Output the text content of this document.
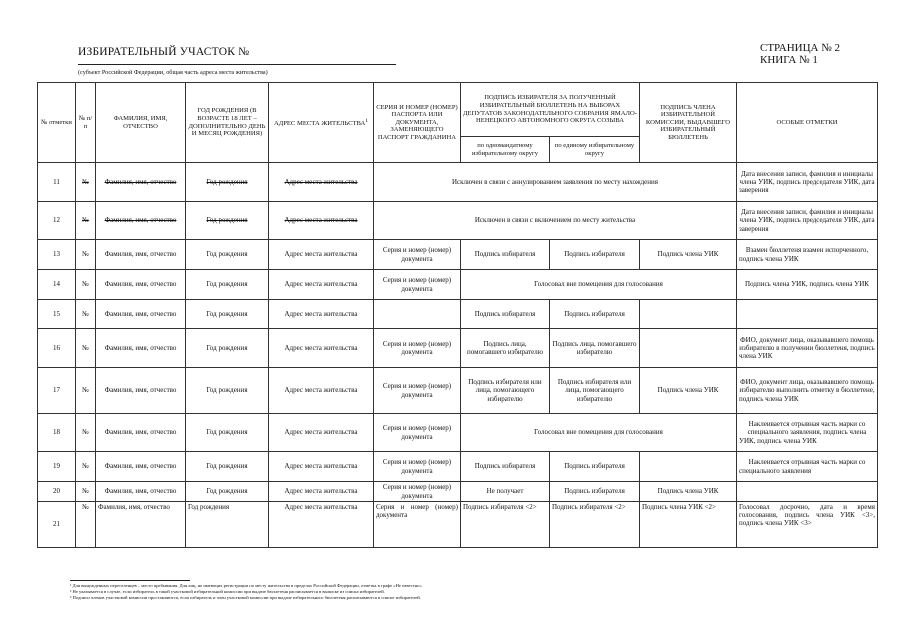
ИЗБИРАТЕЛЬНЫЙ УЧАСТОК №
(субъект Российской Федерации, общая часть адреса места жительства)
СТРАНИЦА № 2
КНИГА № 1
№ отметки	№ п/п	ФАМИЛИЯ, ИМЯ, ОТЧЕСТВО	ГОД РОЖДЕНИЯ (В ВОЗРАСТЕ 18 ЛЕТ – ДОПОЛНИТЕЛЬНО ДЕНЬ И МЕСЯЦ РОЖДЕНИЯ)	АДРЕС МЕСТА ЖИТЕЛЬСТВА$^1$	СЕРИЯ И НОМЕР (НОМЕР) ПАСПОРТА ИЛИ ДОКУМЕНТА, ЗАМЕНЯЮЩЕГО ПАСПОРТ ГРАЖДАНИНА	ПОДПИСЬ ИЗБИРАТЕЛЯ ЗА ПОЛУЧЕННЫЙ ИЗБИРАТЕЛЬНЫЙ БЮЛЛЕТЕНЬ НА ВЫБОРАХ ДЕПУТАТОВ ЗАКОНОДАТЕЛЬНОГО СОБРАНИЯ ЯМАЛО-НЕНЕЦКОГО АВТОНОМНОГО ОКРУГА СОЗЫВА		ПОДПИСЬ ЧЛЕНА ИЗБИРАТЕЛЬНОЙ КОМИССИИ, ВЫДАВШЕГО ИЗБИРАТЕЛЬНЫЙ БЮЛЛЕТЕНЬ	ОСОБЫЕ ОТМЕТКИ
						по одномандатному избирательному округу	по единому избирательному округу		
11	№	Фамилия, имя, отчество	Год рождения	Адрес места жительства	Исключен в связи с аннулированием заявления по месту нахождения				Дата внесения записи, фамилия и инициалы члена УИК, подпись председателя УИК, дата заверения
12	№	Фамилия, имя, отчество	Год рождения	Адрес места жительства	Исключен в связи с включением по месту жительства				Дата внесения записи, фамилия и инициалы члена УИК, подпись председателя УИК, дата заверения
13	№	Фамилия, имя, отчество	Год рождения	Адрес места жительства	Серия и номер (номер) документа	Подпись избирателя	Подпись избирателя	Подпись члена УИК	Взамен бюллетеня взамен испорченного, подпись члена УИК
14	№	Фамилия, имя, отчество	Год рождения	Адрес места жительства	Серия и номер (номер) документа	Голосовал вне помещения для голосования			Подпись члена УИК, подпись члена УИК
15	№	Фамилия, имя, отчество	Год рождения	Адрес места жительства		Подпись избирателя	Подпись избирателя		
16	№	Фамилия, имя, отчество	Год рождения	Адрес места жительства	Серия и номер (номер) документа	Подпись лица, помогавшего избирателю	Подпись лица, помогавшего избирателю		ФИО, документ лица, оказывавшего помощь избирателю в получении бюллетеня, подпись члена УИК
17	№	Фамилия, имя, отчество	Год рождения	Адрес места жительства	Серия и номер (номер) документа	Подпись избирателя или лица, помогающего избирателю	Подпись избирателя или лица, помогающего избирателю	Подпись члена УИК	ФИО, документ лица, оказывавшего помощь избирателю выполнить отметку в бюллетене, подпись члена УИК
18	№	Фамилия, имя, отчество	Год рождения	Адрес места жительства	Серия и номер (номер) документа	Голосовал вне помещения для голосования			Наклеивается отрывная часть марки со специального заявления, подпись члена УИК, подпись члена УИК
19	№	Фамилия, имя, отчество	Год рождения	Адрес места жительства	Серия и номер (номер) документа	Подпись избирателя	Подпись избирателя		Наклеивается отрывная часть марки со специального заявления
20	№	Фамилия, имя, отчество	Год рождения	Адрес места жительства	Серия и номер (номер) документа	Не получает	Подпись избирателя	Подпись члена УИК	
21	№	Фамилия, имя, отчество	Год рождения	Адрес места жительства	Серия и номер (номер) документа	Подпись избирателя <2>	Подпись избирателя <2>	Подпись члена УИК <2>	Голосовал досрочно, дата и время голосования, подпись члена УИК <3>, подпись члена УИК <3>
¹ Для вынужденных переселенцев – место пребывания. Для лиц, не имеющих регистрации по месту жительства в пределах Российской Федерации, отметка в графе «Не известно»
² Не указывается в случае, если избиратель в такой участковой избирательной комиссии при выдаче бюллетеня расписывается в выписке из списка избирателей.
³ Подписи членов участковой комиссии проставляются, если избиратель и член участковой комиссии при выдаче избирательного бюллетеня расписываются в списке избирателей.
